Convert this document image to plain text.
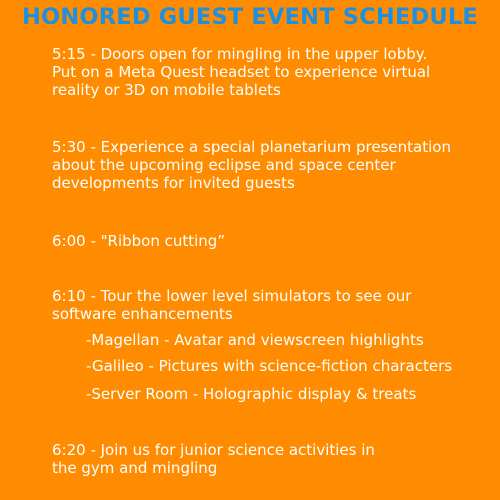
HONORED GUEST EVENT SCHEDULE
5:15 - Doors open for mingling in the upper lobby.
Put on a Meta Quest headset to experience virtual
reality or 3D on mobile tablets
5:30 - Experience a special planetarium presentation
about the upcoming eclipse and space center
developments for invited guests
6:00 - "Ribbon cutting”
6:10 - Tour the lower level simulators to see our
software enhancements
-Magellan - Avatar and viewscreen highlights
-Galileo - Pictures with science-fiction characters
-Server Room - Holographic display & treats
6:20 - Join us for junior science activities in
the gym and mingling
